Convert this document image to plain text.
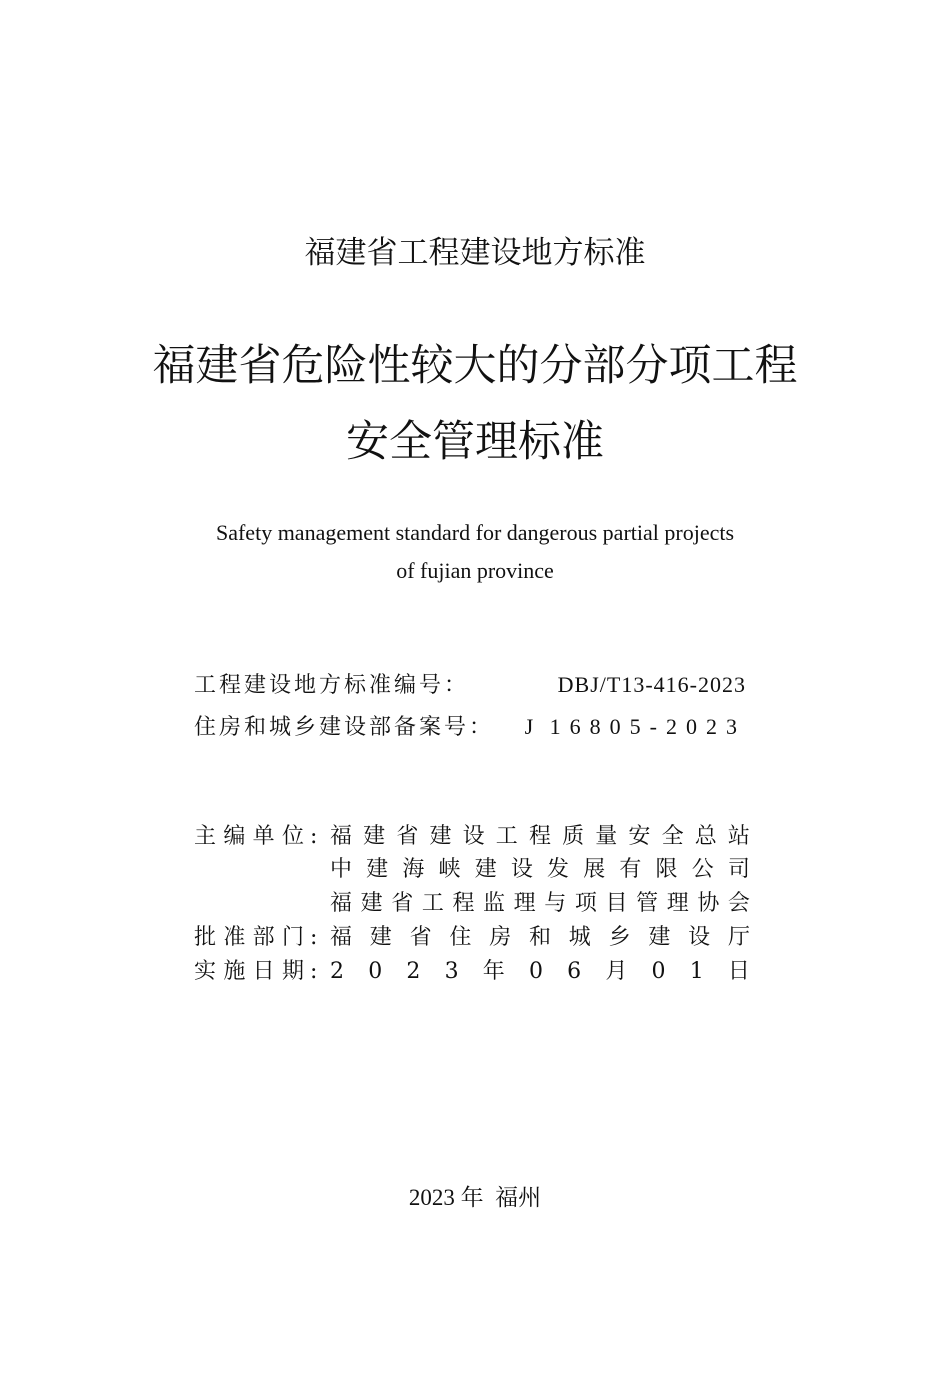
福建省工程建设地方标准
福建省危险性较大的分部分项工程
安全管理标准
Safety management standard for dangerous partial projects
of fujian province
工程建设地方标准编号：	DBJ/T13-416-2023
住房和城乡建设部备案号： J 16805-2023
主 编 单 位 : 福 建 省 建 设 工 程 质 量 安 全 总 站
中 建 海 峡 建 设 发 展 有 限 公 司
福 建 省 工 程 监 理 与 项 目 管 理 协 会
批 准 部 门 : 福 建 省 住 房 和 城 乡 建 设 厅
实 施 日 期 : 2 0 2 3 年 0 6 月 0 1 日
2023 年 福州
